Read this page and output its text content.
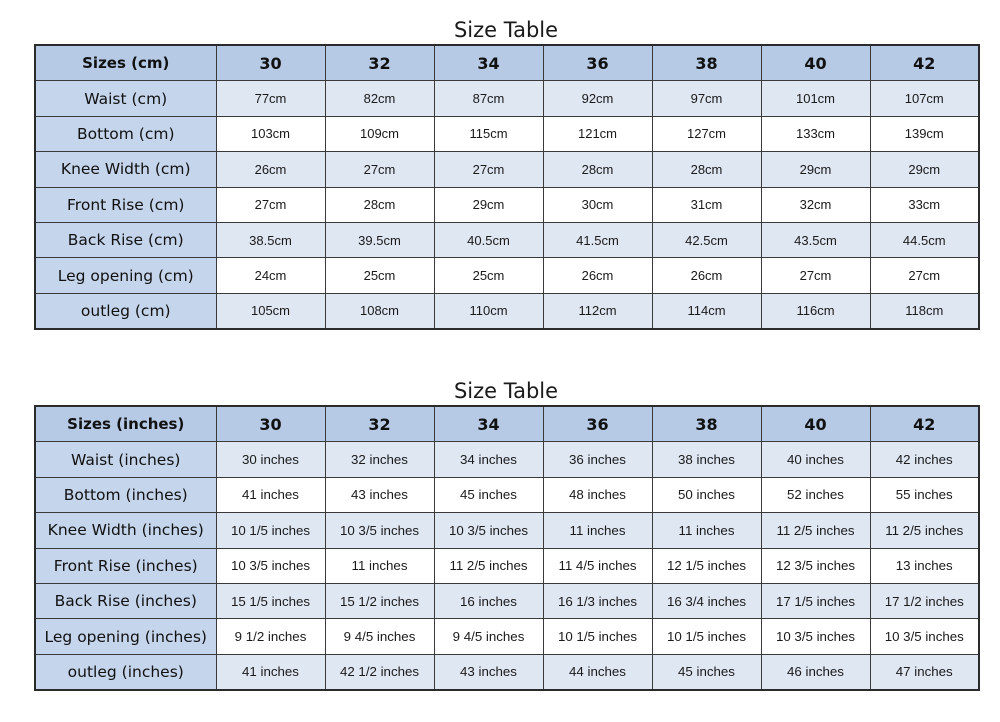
Size Table
Sizes (cm)	30	32	34	36	38	40	42
Waist (cm)	77cm	82cm	87cm	92cm	97cm	101cm	107cm
Bottom (cm)	103cm	109cm	115cm	121cm	127cm	133cm	139cm
Knee Width (cm)	26cm	27cm	27cm	28cm	28cm	29cm	29cm
Front Rise (cm)	27cm	28cm	29cm	30cm	31cm	32cm	33cm
Back Rise (cm)	38.5cm	39.5cm	40.5cm	41.5cm	42.5cm	43.5cm	44.5cm
Leg opening (cm)	24cm	25cm	25cm	26cm	26cm	27cm	27cm
outleg (cm)	105cm	108cm	110cm	112cm	114cm	116cm	118cm
Size Table
Sizes (inches)	30	32	34	36	38	40	42
Waist (inches)	30 inches	32 inches	34 inches	36 inches	38 inches	40 inches	42 inches
Bottom (inches)	41 inches	43 inches	45 inches	48 inches	50 inches	52 inches	55 inches
Knee Width (inches)	10 1/5 inches	10 3/5 inches	10 3/5 inches	11 inches	11 inches	11 2/5 inches	11 2/5 inches
Front Rise (inches)	10 3/5 inches	11 inches	11 2/5 inches	11 4/5 inches	12 1/5 inches	12 3/5 inches	13 inches
Back Rise (inches)	15 1/5 inches	15 1/2 inches	16 inches	16 1/3 inches	16 3/4 inches	17 1/5 inches	17 1/2 inches
Leg opening (inches)	9 1/2 inches	9 4/5 inches	9 4/5 inches	10 1/5 inches	10 1/5 inches	10 3/5 inches	10 3/5 inches
outleg (inches)	41 inches	42 1/2 inches	43 inches	44 inches	45 inches	46 inches	47 inches
